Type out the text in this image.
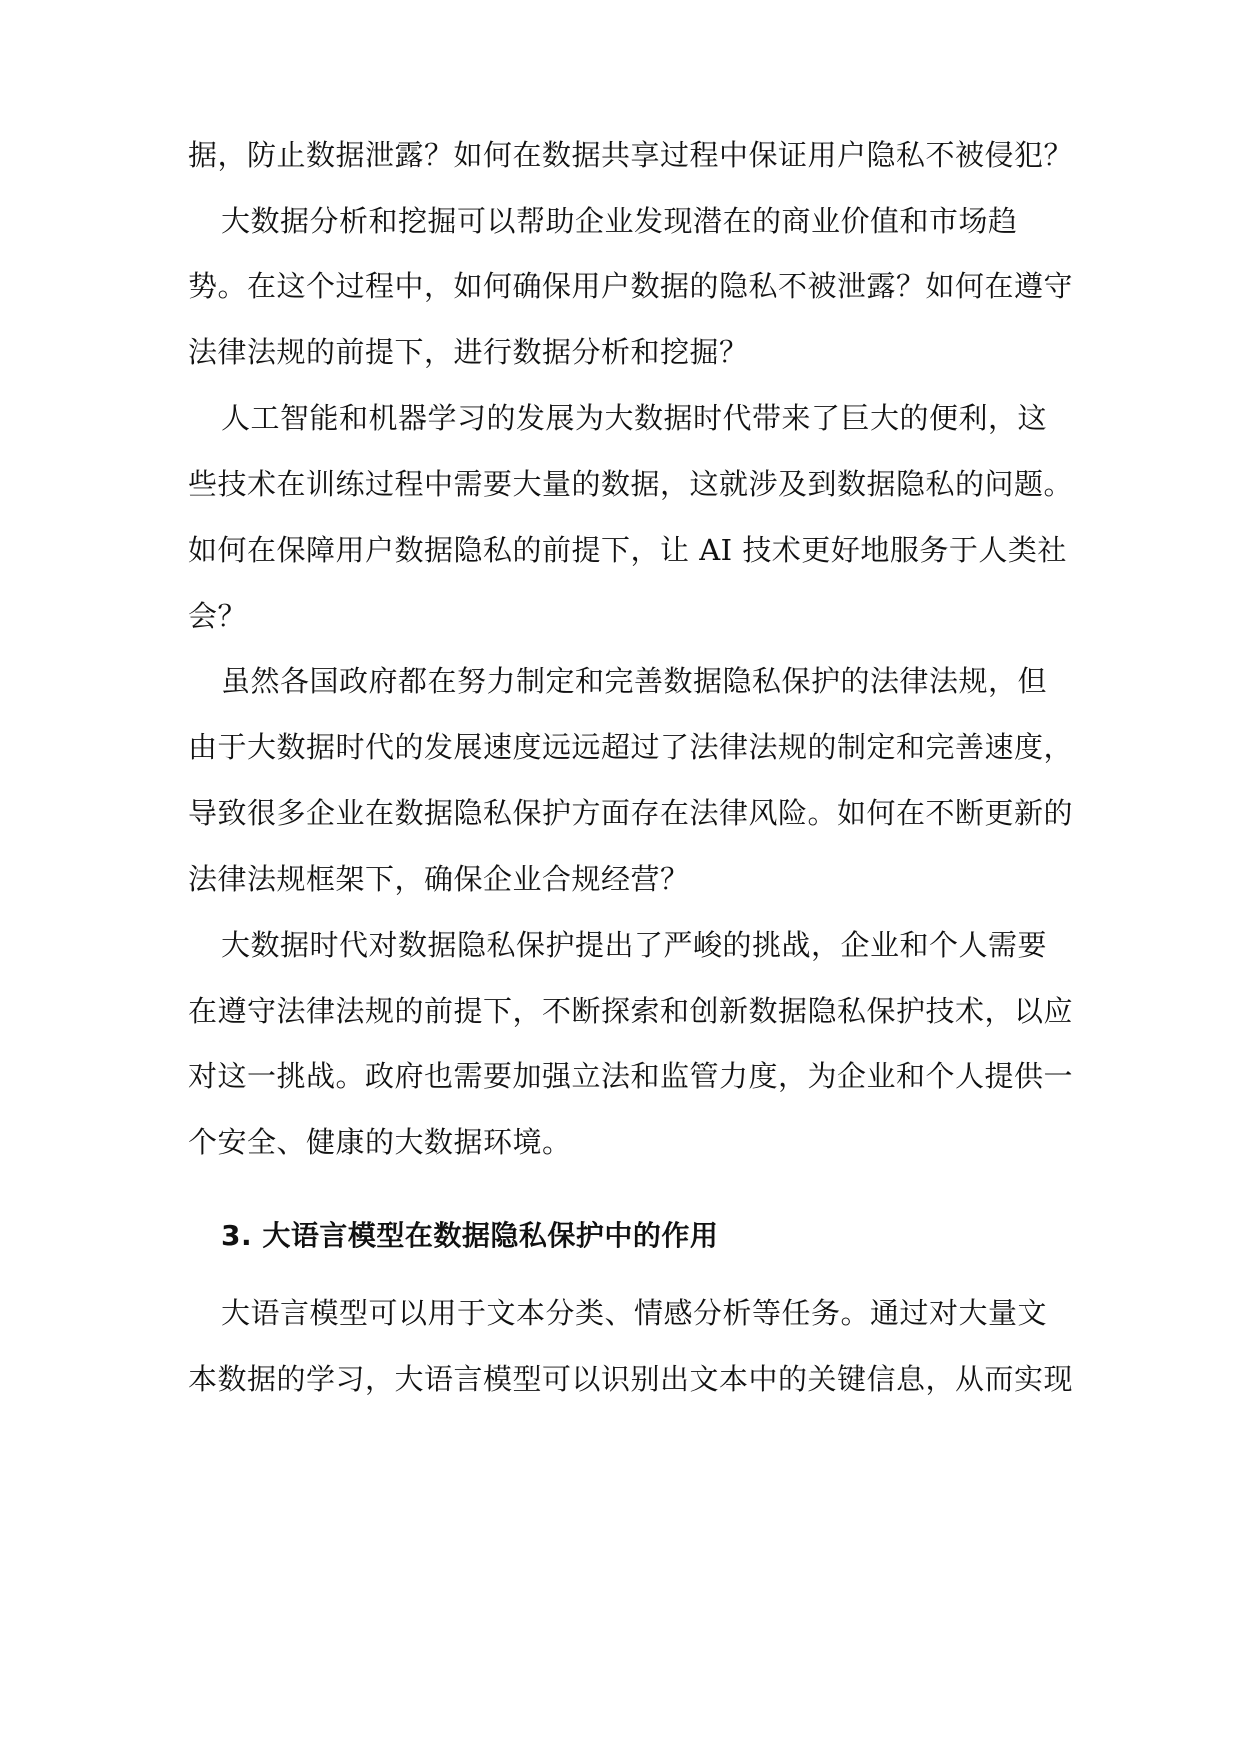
据，防止数据泄露？如何在数据共享过程中保证用户隐私不被侵犯？
大数据分析和挖掘可以帮助企业发现潜在的商业价值和市场趋
势。在这个过程中，如何确保用户数据的隐私不被泄露？如何在遵守
法律法规的前提下，进行数据分析和挖掘？
人工智能和机器学习的发展为大数据时代带来了巨大的便利，这
些技术在训练过程中需要大量的数据，这就涉及到数据隐私的问题。
如何在保障用户数据隐私的前提下，让 AI 技术更好地服务于人类社
会？
虽然各国政府都在努力制定和完善数据隐私保护的法律法规，但
由于大数据时代的发展速度远远超过了法律法规的制定和完善速度，
导致很多企业在数据隐私保护方面存在法律风险。如何在不断更新的
法律法规框架下，确保企业合规经营？
大数据时代对数据隐私保护提出了严峻的挑战，企业和个人需要
在遵守法律法规的前提下，不断探索和创新数据隐私保护技术，以应
对这一挑战。政府也需要加强立法和监管力度，为企业和个人提供一
个安全、健康的大数据环境。
3. 大语言模型在数据隐私保护中的作用
大语言模型可以用于文本分类、情感分析等任务。通过对大量文
本数据的学习，大语言模型可以识别出文本中的关键信息，从而实现
